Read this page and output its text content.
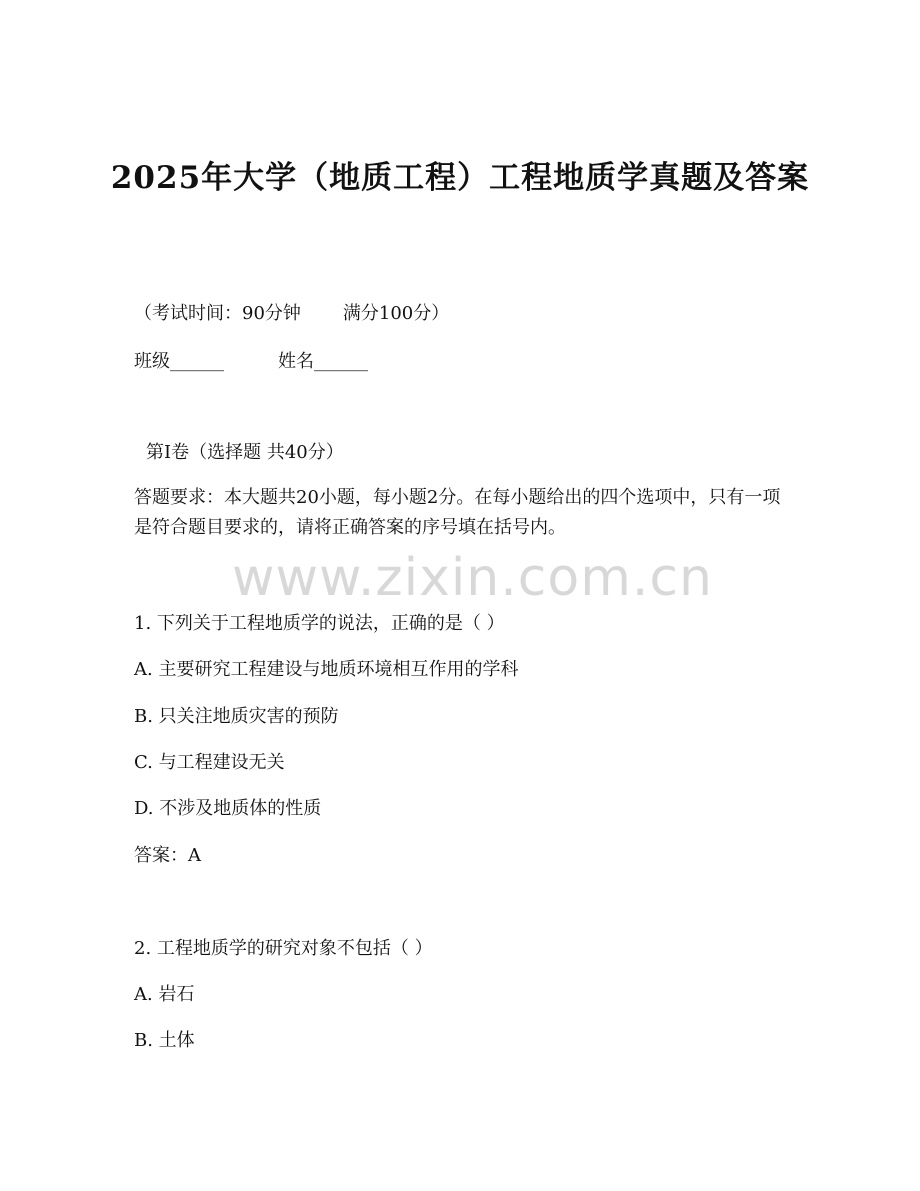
2025年大学（地质工程）工程地质学真题及答案
（考试时间：90分钟 满分100分）
班级______	姓名______
第Ⅰ卷（选择题 共40分）
答题要求：本大题共20小题，每小题2分。在每小题给出的四个选项中，只有一项是符合题目要求的，请将正确答案的序号填在括号内。
www.zixin.com.cn
1. 下列关于工程地质学的说法，正确的是（ ）
A. 主要研究工程建设与地质环境相互作用的学科
B. 只关注地质灾害的预防
C. 与工程建设无关
D. 不涉及地质体的性质
答案：A
2. 工程地质学的研究对象不包括（ ）
A. 岩石
B. 土体
